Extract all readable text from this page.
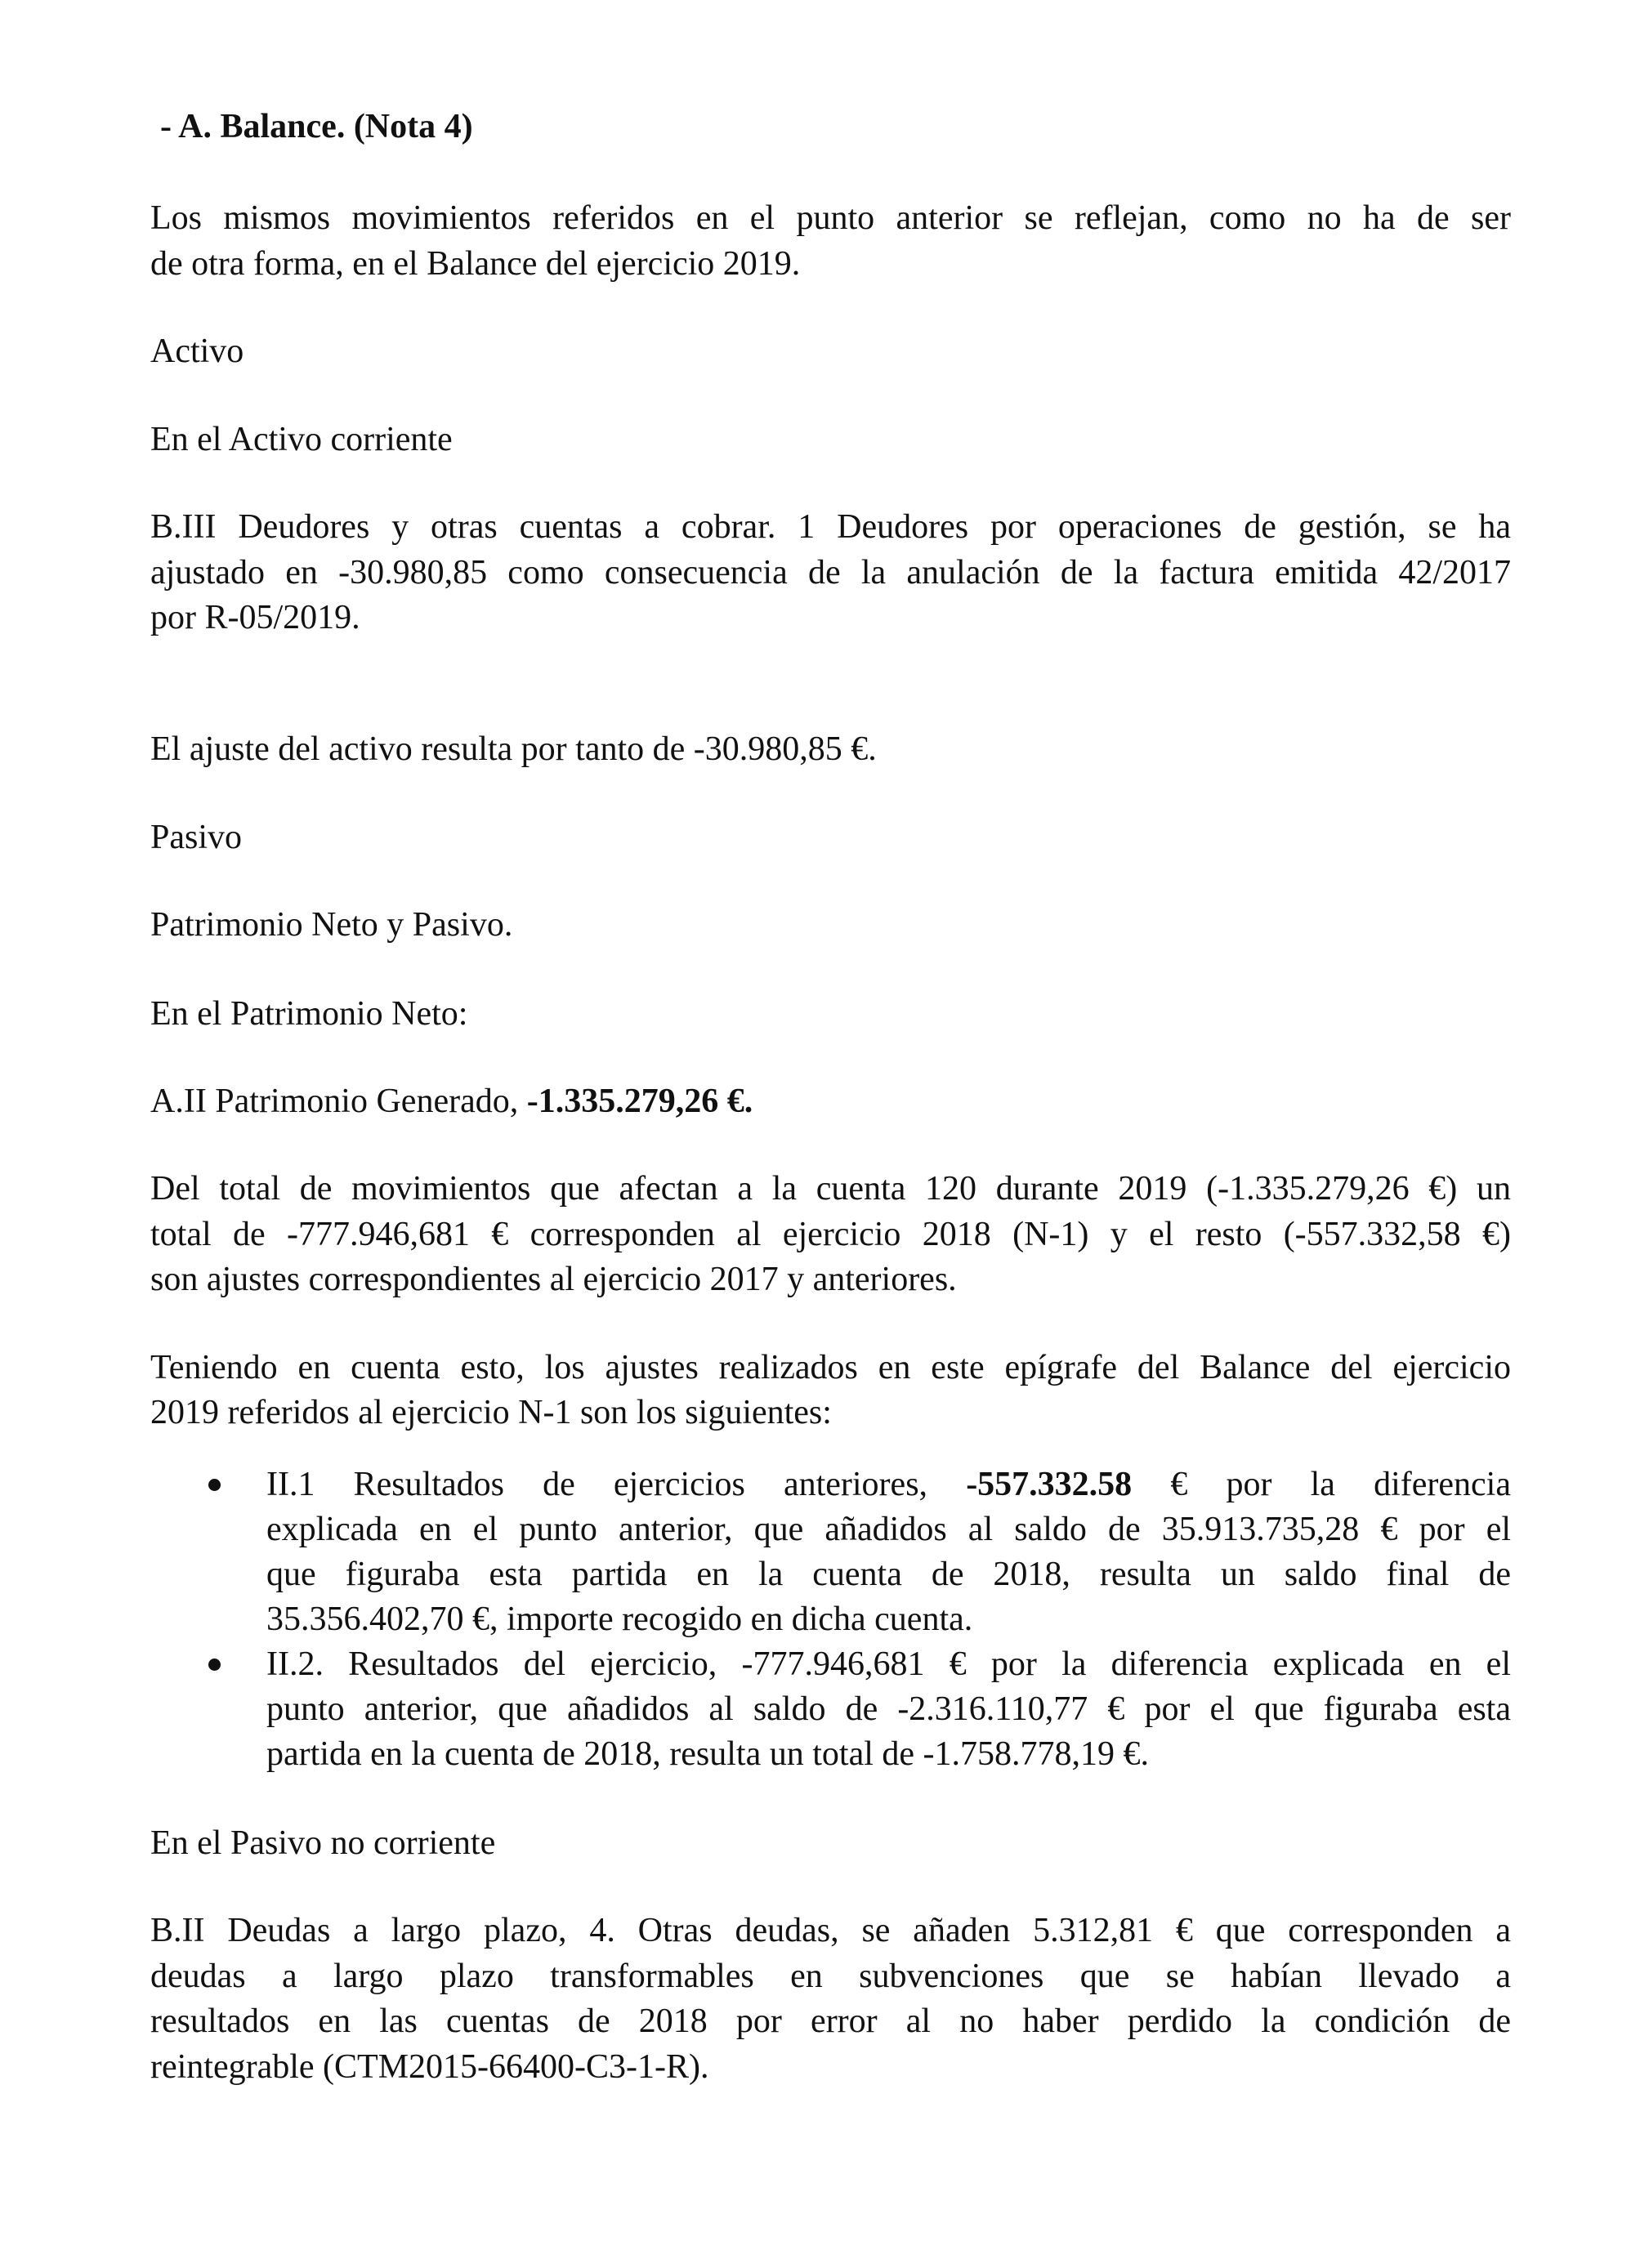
- A. Balance. (Nota 4)

Los mismos movimientos referidos en el punto anterior se reflejan, como no ha de ser

de otra forma, en el Balance del ejercicio 2019.

Activo

En el Activo corriente

B.III Deudores y otras cuentas a cobrar. 1 Deudores por operaciones de gestión, se ha

ajustado en -30.980,85 como consecuencia de la anulación de la factura emitida 42/2017

por R-05/2019.

El ajuste del activo resulta por tanto de -30.980,85 €.

Pasivo

Patrimonio Neto y Pasivo.

En el Patrimonio Neto:

A.II Patrimonio Generado, -1.335.279,26 €.

Del total de movimientos que afectan a la cuenta 120 durante 2019 (-1.335.279,26 €) un

total de -777.946,681 € corresponden al ejercicio 2018 (N-1) y el resto (-557.332,58 €)

son ajustes correspondientes al ejercicio 2017 y anteriores.

Teniendo en cuenta esto, los ajustes realizados en este epígrafe del Balance del ejercicio

2019 referidos al ejercicio N-1 son los siguientes:

II.1 Resultados de ejercicios anteriores, -557.332.58 € por la diferencia

explicada en el punto anterior, que añadidos al saldo de 35.913.735,28 € por el

que figuraba esta partida en la cuenta de 2018, resulta un saldo final de

35.356.402,70 €, importe recogido en dicha cuenta.

II.2. Resultados del ejercicio, -777.946,681 € por la diferencia explicada en el

punto anterior, que añadidos al saldo de -2.316.110,77 € por el que figuraba esta

partida en la cuenta de 2018, resulta un total de -1.758.778,19 €.

En el Pasivo no corriente

B.II Deudas a largo plazo, 4. Otras deudas, se añaden 5.312,81 € que corresponden a

deudas a largo plazo transformables en subvenciones que se habían llevado a

resultados en las cuentas de 2018 por error al no haber perdido la condición de

reintegrable (CTM2015-66400-C3-1-R).
